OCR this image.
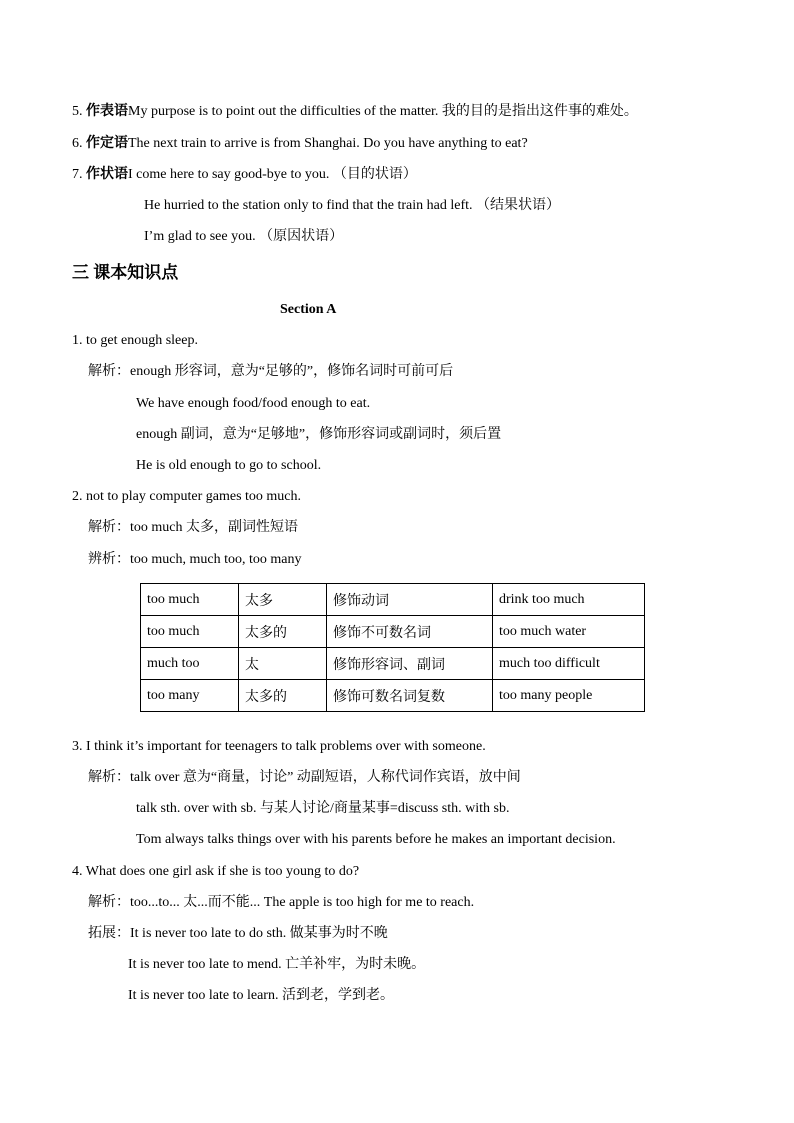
5. 作表语My purpose is to point out the difficulties of the matter. 我的目的是指出这件事的难处。
6. 作定语The next train to arrive is from Shanghai. Do you have anything to eat?
7. 作状语I come here to say good-bye to you. （目的状语）
He hurried to the station only to find that the train had left. （结果状语）
I’m glad to see you. （原因状语）
三 课本知识点
Section A
1. to get enough sleep.
解析：enough 形容词，意为“足够的”，修饰名词时可前可后
We have enough food/food enough to eat.
enough 副词，意为“足够地”，修饰形容词或副词时，须后置
He is old enough to go to school.
2. not to play computer games too much.
解析：too much 太多，副词性短语
辨析：too much, much too, too many
too much	太多	修饰动词	drink too much
too much	太多的	修饰不可数名词	too much water
much too	太	修饰形容词、副词	much too difficult
too many	太多的	修饰可数名词复数	too many people
3. I think it’s important for teenagers to talk problems over with someone.
解析：talk over 意为“商量，讨论” 动副短语，人称代词作宾语，放中间
talk sth. over with sb. 与某人讨论/商量某事=discuss sth. with sb.
Tom always talks things over with his parents before he makes an important decision.
4. What does one girl ask if she is too young to do?
解析：too...to... 太...而不能... The apple is too high for me to reach.
拓展：It is never too late to do sth. 做某事为时不晚
It is never too late to mend. 亡羊补牢，为时未晚。
It is never too late to learn. 活到老，学到老。
